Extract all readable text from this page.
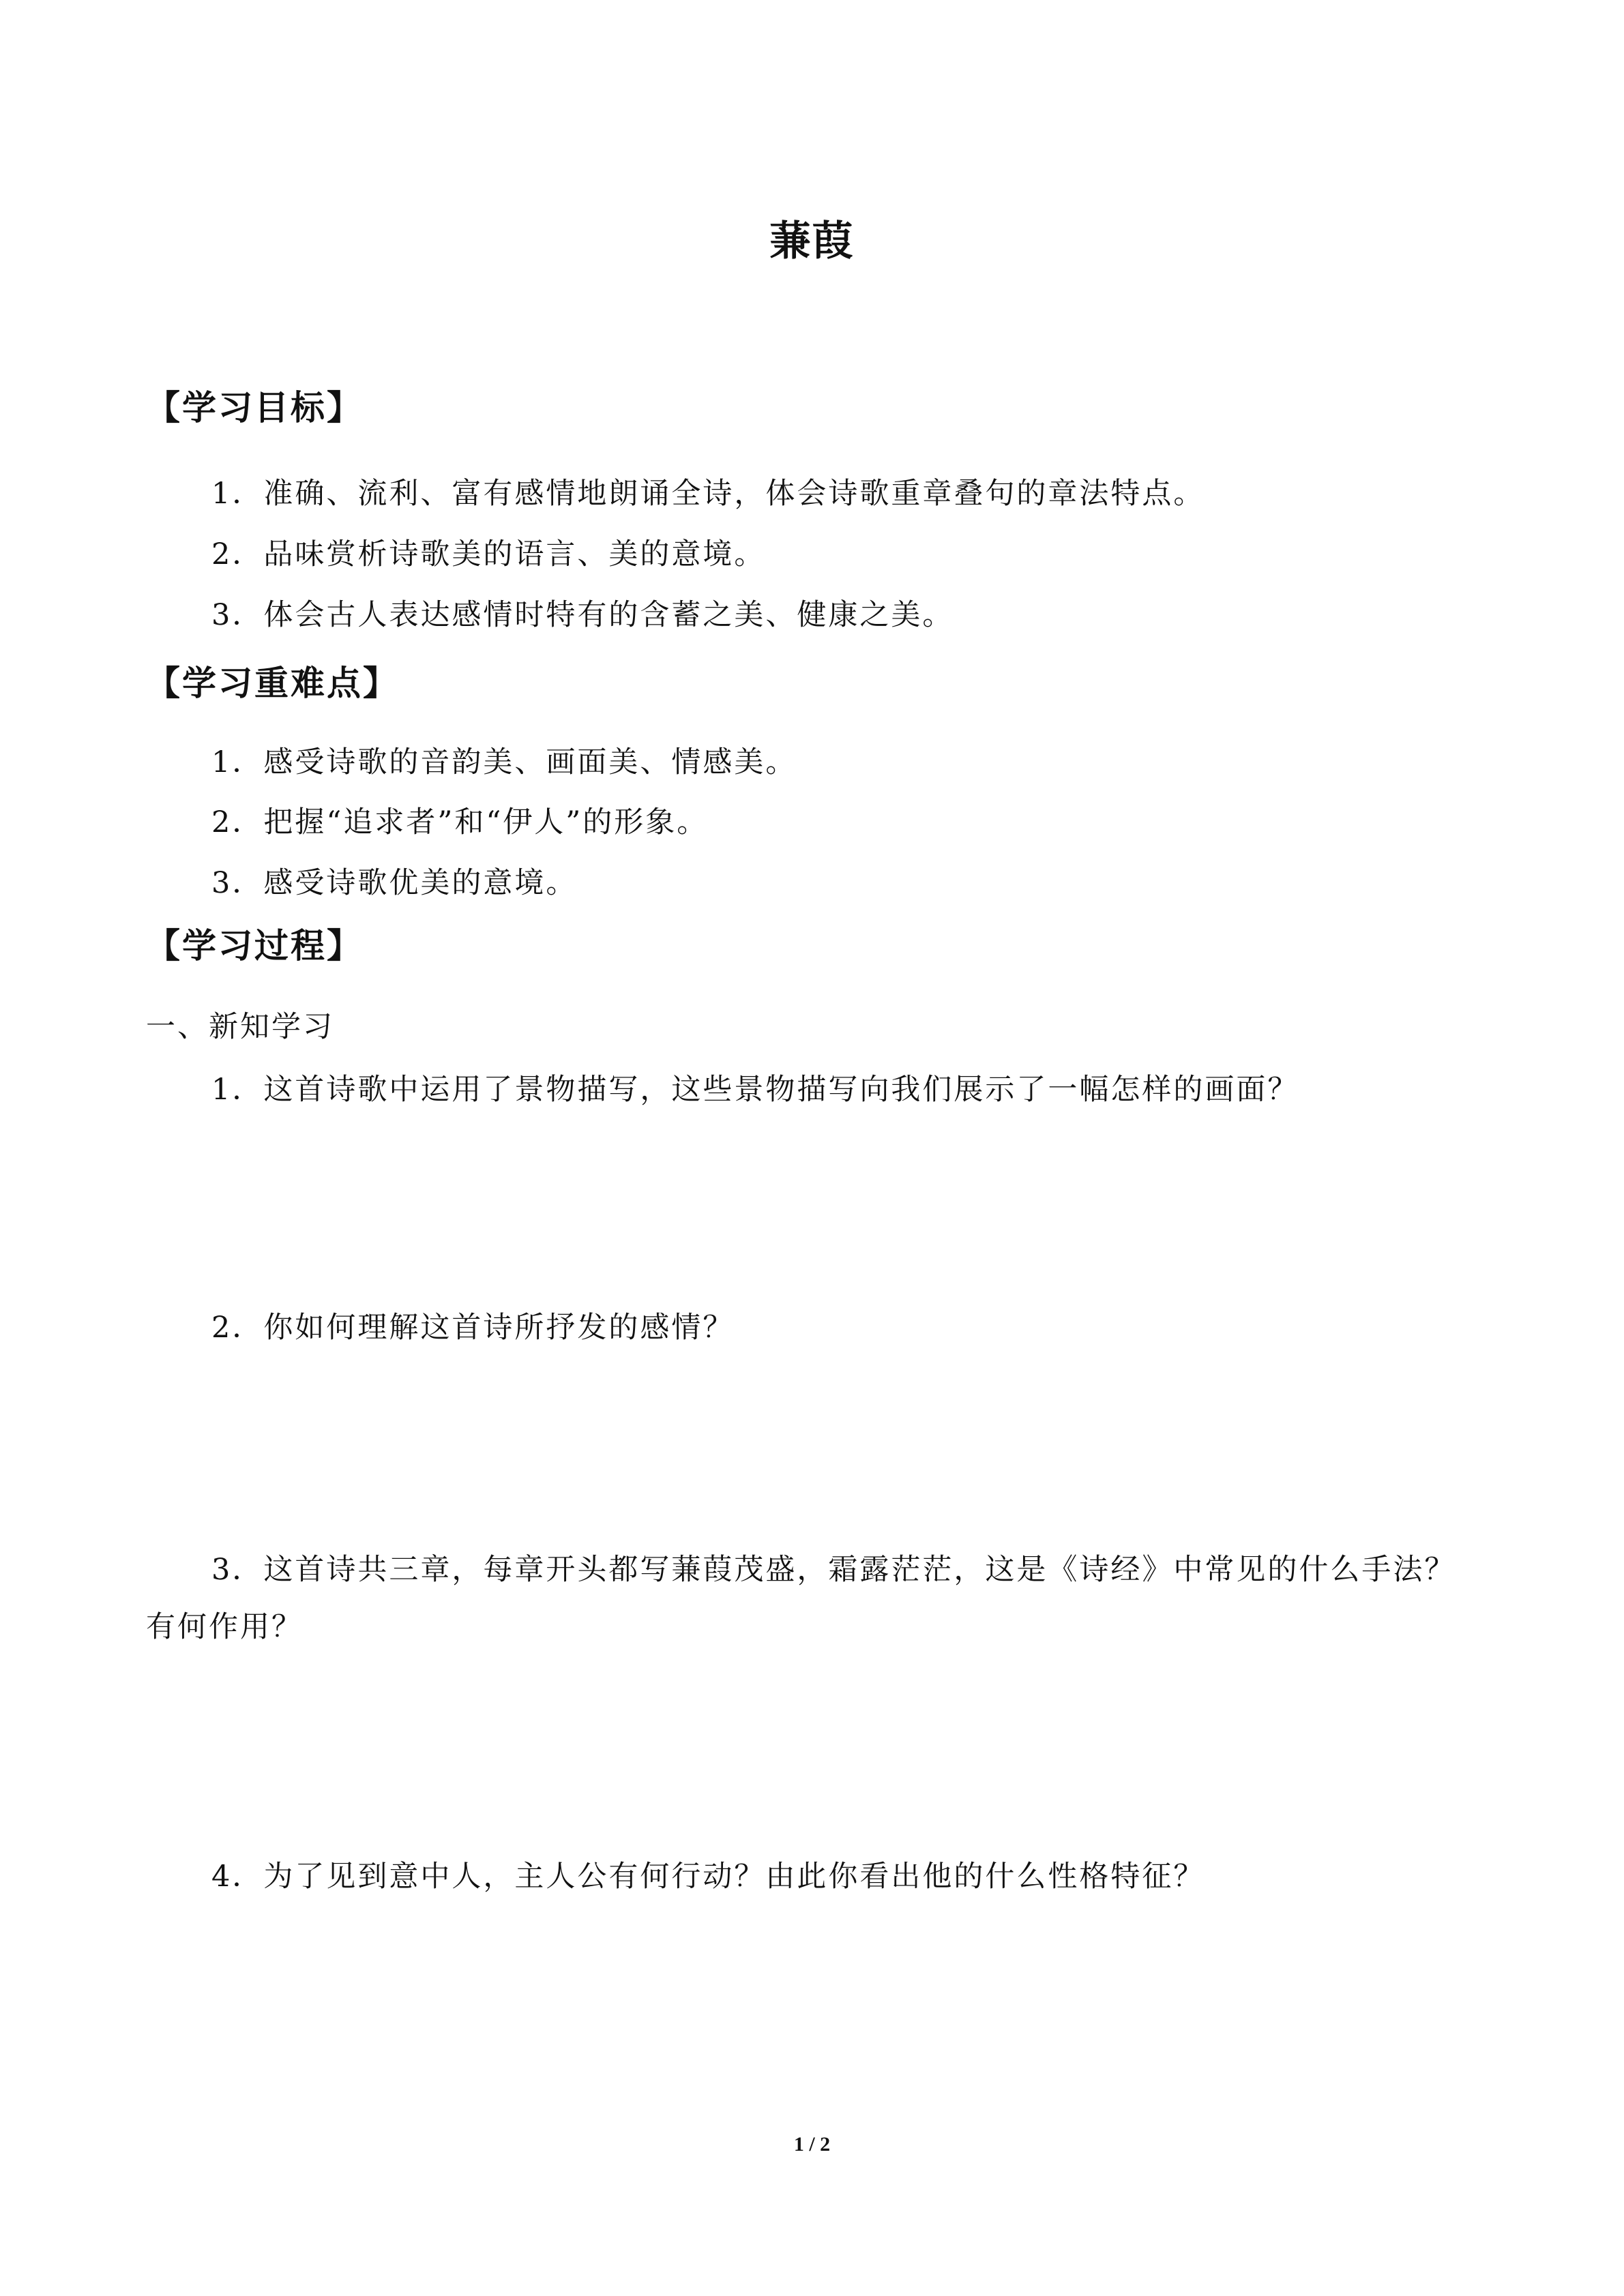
蒹葭
【学习目标】
1．准确、流利、富有感情地朗诵全诗，体会诗歌重章叠句的章法特点。
2．品味赏析诗歌美的语言、美的意境。
3．体会古人表达感情时特有的含蓄之美、健康之美。
【学习重难点】
1．感受诗歌的音韵美、画面美、情感美。
2．把握“追求者”和“伊人”的形象。
3．感受诗歌优美的意境。
【学习过程】
一、新知学习
1．这首诗歌中运用了景物描写，这些景物描写向我们展示了一幅怎样的画面？
2．你如何理解这首诗所抒发的感情？
3．这首诗共三章，每章开头都写蒹葭茂盛，霜露茫茫，这是《诗经》中常见的什么手法？有何作用？
4．为了见到意中人，主人公有何行动？由此你看出他的什么性格特征？
1 / 2
